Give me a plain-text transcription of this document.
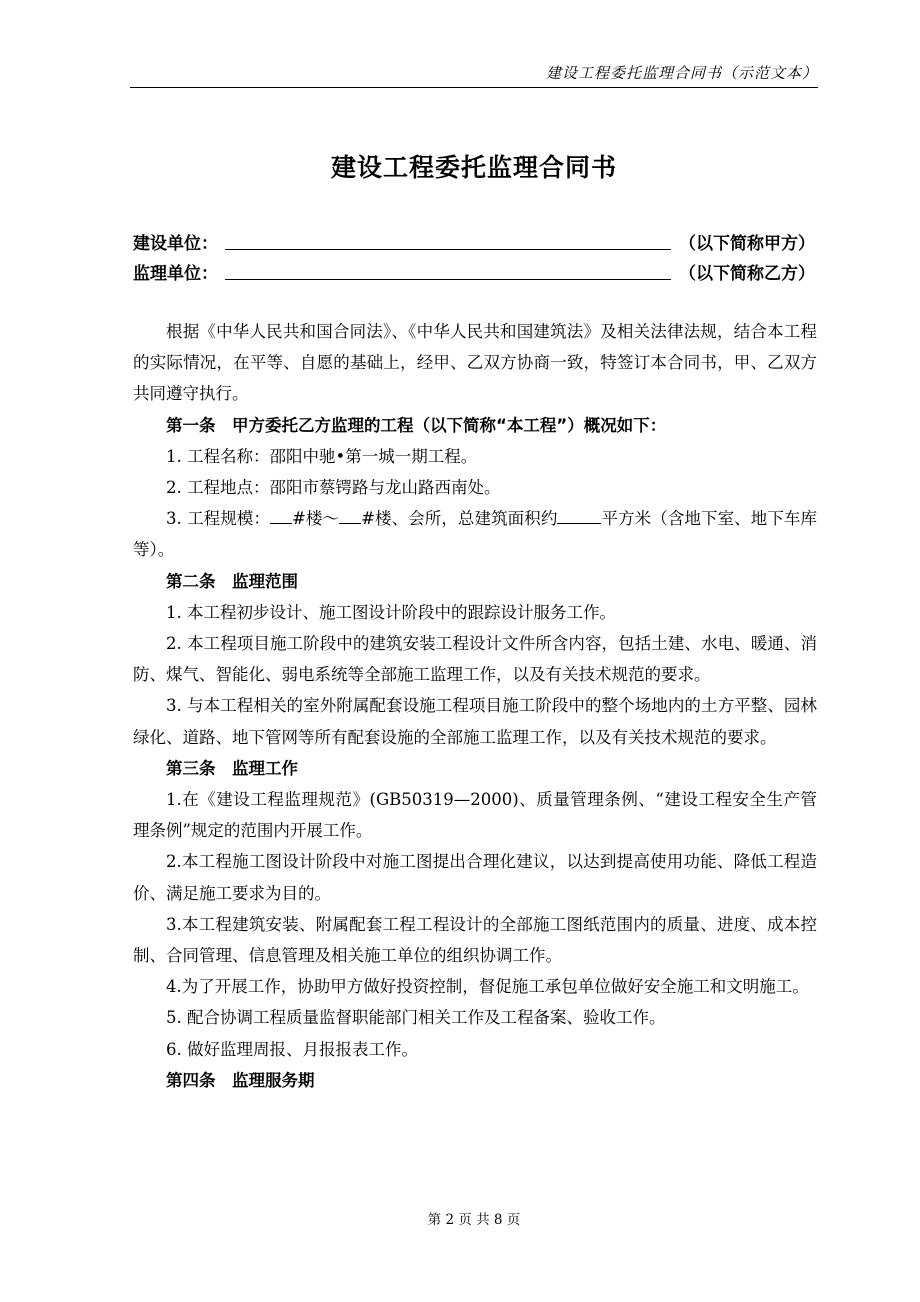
建设工程委托监理合同书（示范文本）
建设工程委托监理合同书
建设单位：	（以下简称甲方）
监理单位：	（以下简称乙方）

根据《中华人民共和国合同法》、《中华人民共和国建筑法》及相关法律法规，结合本工程的实际情况，在平等、自愿的基础上，经甲、乙双方协商一致，特签订本合同书，甲、乙双方共同遵守执行。

第一条　甲方委托乙方监理的工程（以下简称“本工程”）概况如下：

1. 工程名称：邵阳中驰•第一城一期工程。

2. 工程地点：邵阳市蔡锷路与龙山路西南处。

3. 工程规模： #楼～ #楼、会所，总建筑面积约	平方米（含地下室、地下车库等）。

第二条　监理范围

1. 本工程初步设计、施工图设计阶段中的跟踪设计服务工作。

2. 本工程项目施工阶段中的建筑安装工程设计文件所含内容，包括土建、水电、暖通、消防、煤气、智能化、弱电系统等全部施工监理工作，以及有关技术规范的要求。

3. 与本工程相关的室外附属配套设施工程项目施工阶段中的整个场地内的土方平整、园林绿化、道路、地下管网等所有配套设施的全部施工监理工作，以及有关技术规范的要求。

第三条　监理工作

1.在《建设工程监理规范》(GB50319—2000)、质量管理条例、“建设工程安全生产管理条例”规定的范围内开展工作。

2.本工程施工图设计阶段中对施工图提出合理化建议，以达到提高使用功能、降低工程造价、满足施工要求为目的。

3.本工程建筑安装、附属配套工程工程设计的全部施工图纸范围内的质量、进度、成本控制、合同管理、信息管理及相关施工单位的组织协调工作。

4.为了开展工作，协助甲方做好投资控制，督促施工承包单位做好安全施工和文明施工。

5. 配合协调工程质量监督职能部门相关工作及工程备案、验收工作。

6. 做好监理周报、月报报表工作。

第四条　监理服务期

第 2 页 共 8 页
